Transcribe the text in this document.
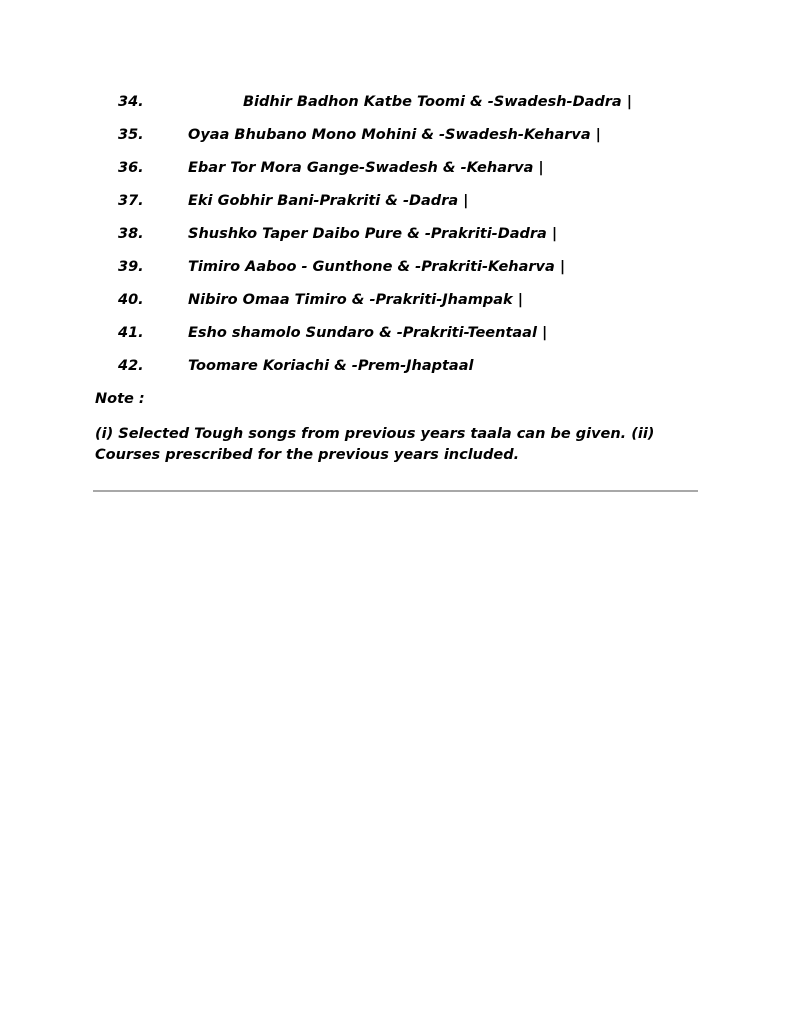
34.	Bidhir Badhon Katbe Toomi & -Swadesh-Dadra |
35.	Oyaa Bhubano Mono Mohini & -Swadesh-Keharva |
36.	Ebar Tor Mora Gange-Swadesh & -Keharva |
37.	Eki Gobhir Bani-Prakriti & -Dadra |
38.	Shushko Taper Daibo Pure & -Prakriti-Dadra |
39.	Timiro Aaboo - Gunthone & -Prakriti-Keharva |
40.	Nibiro Omaa Timiro & -Prakriti-Jhampak |
41.	Esho shamolo Sundaro & -Prakriti-Teentaal |
42.	Toomare Koriachi & -Prem-Jhaptaal
Note :
(i) Selected Tough songs from previous years taala can be given. (ii) Courses prescribed for the previous years included.
